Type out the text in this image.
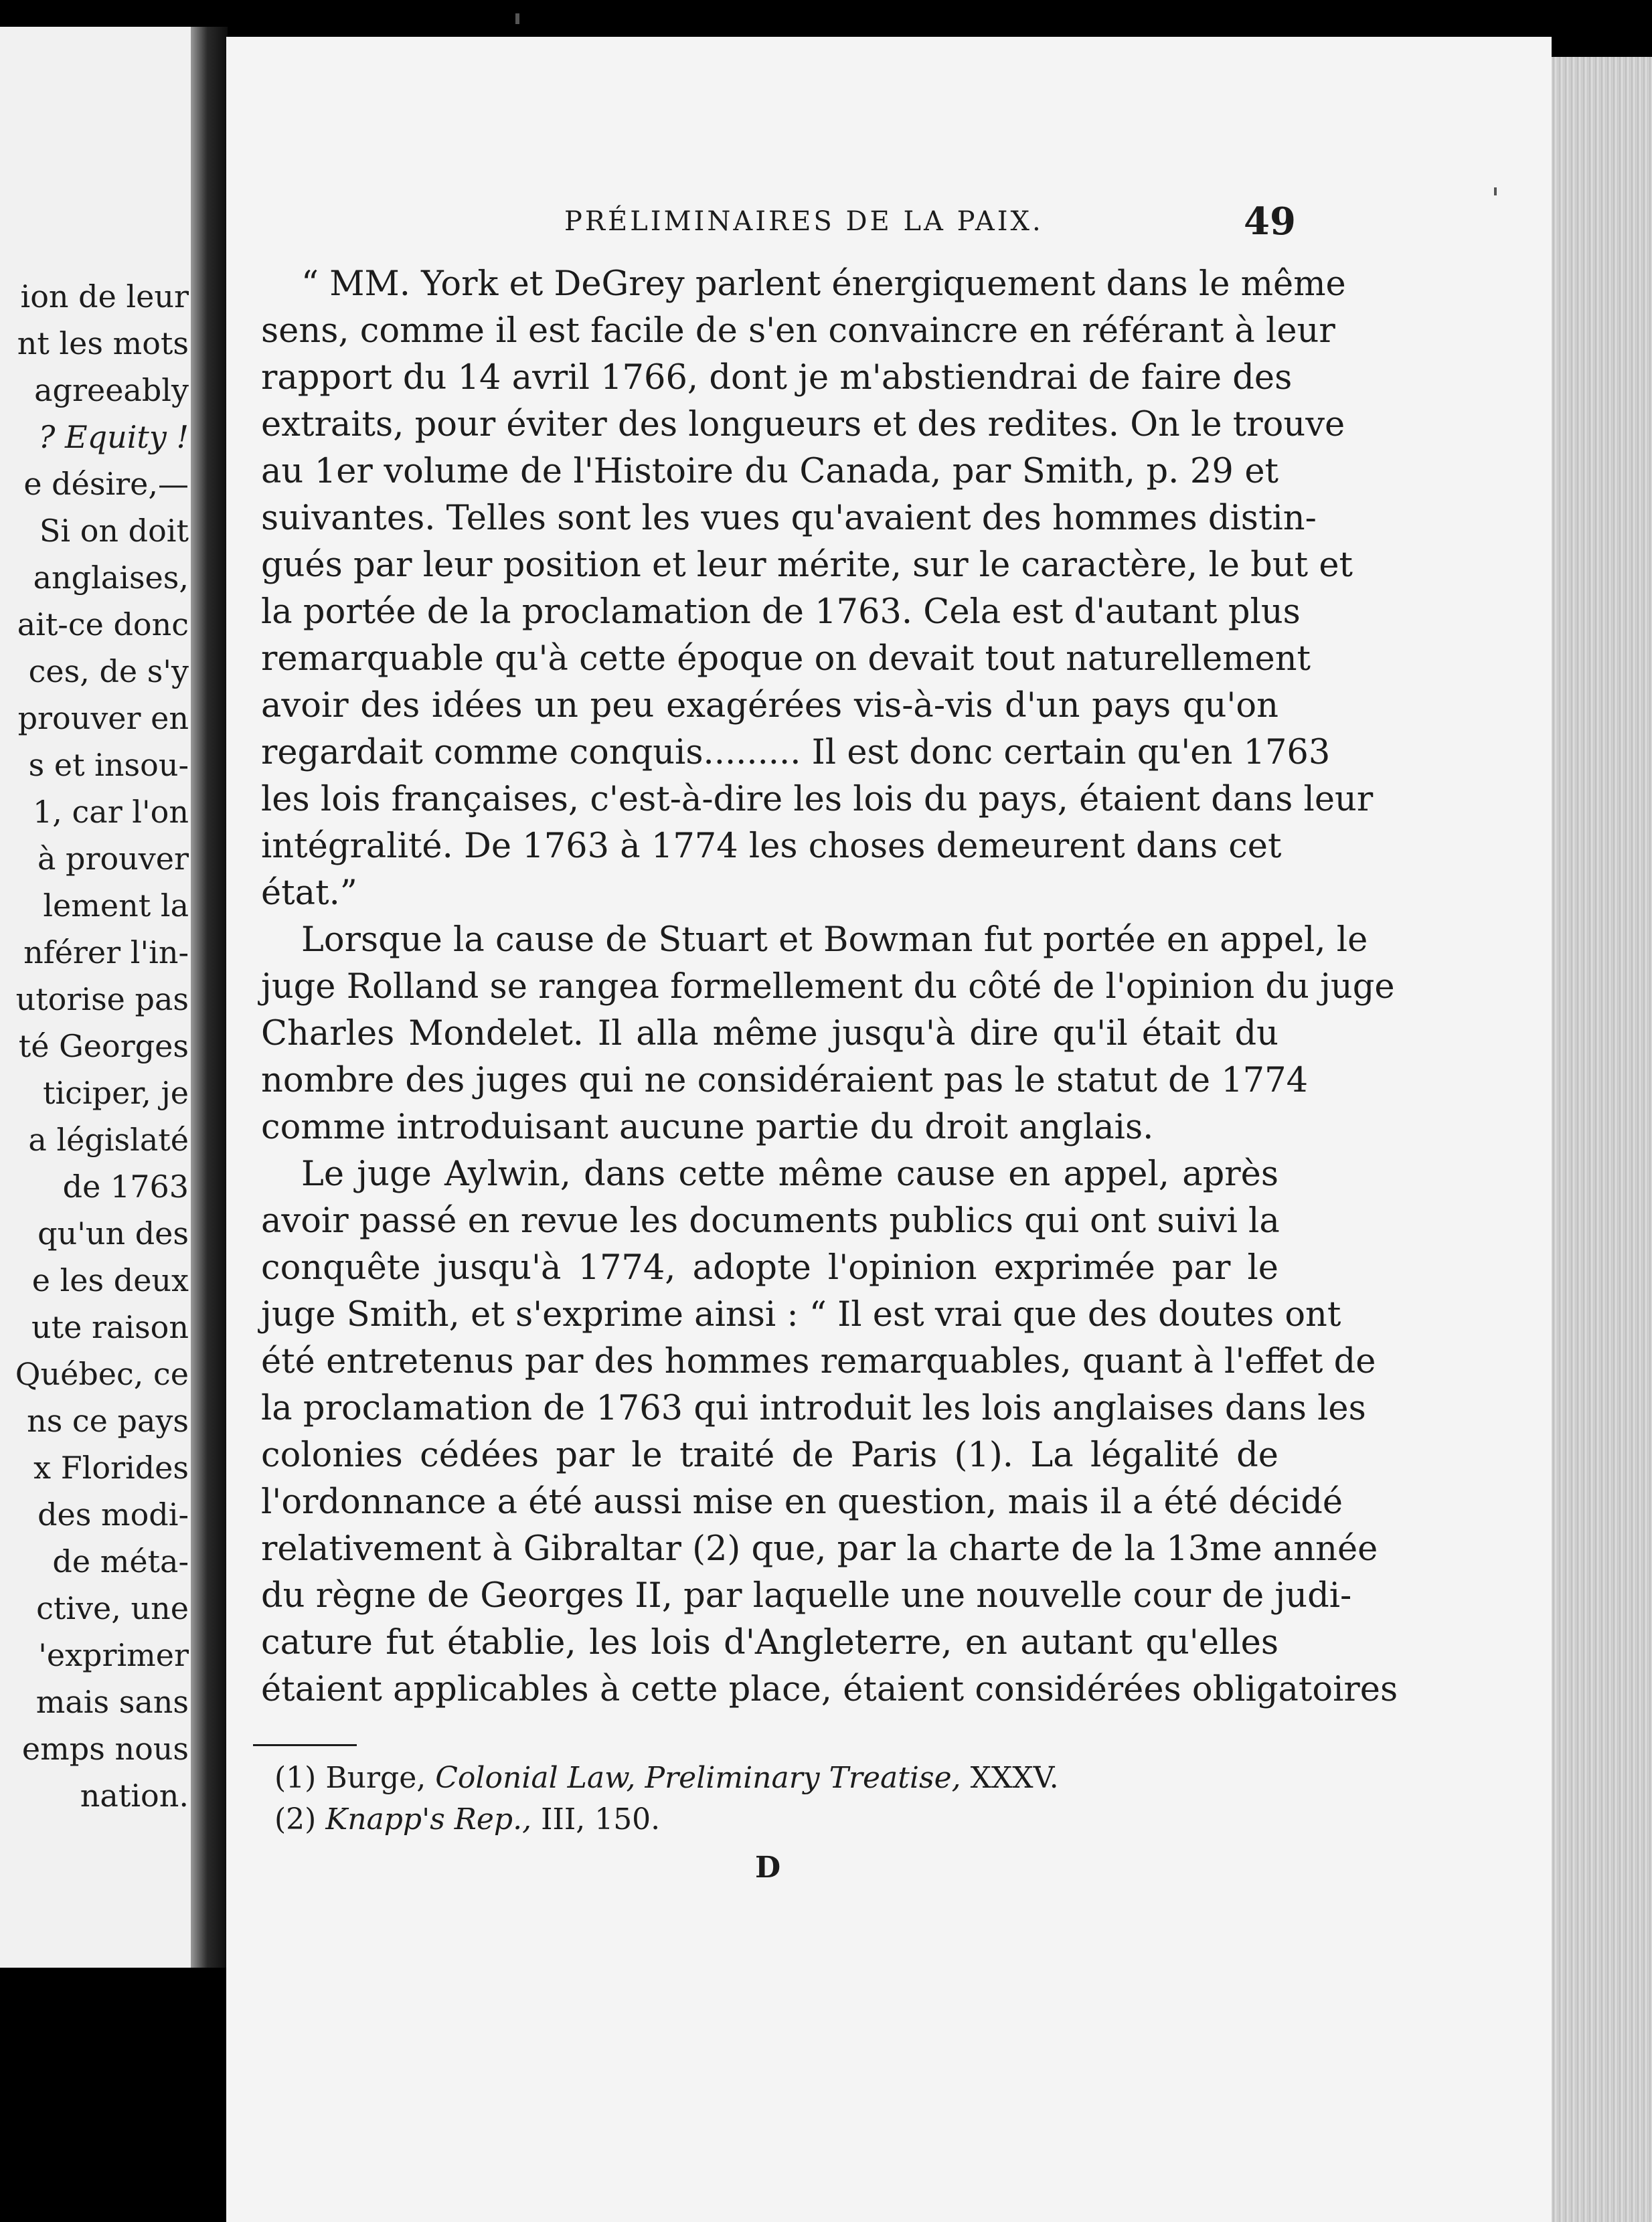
ion de leur
nt les mots
agreeably
? Equity !
e désire,—
Si on doit
anglaises,
ait-ce donc
ces, de s'y
prouver en
s et insou-
1, car l'on
à prouver
lement la
nférer l'in-
utorise pas
té Georges
ticiper, je
a législaté
de 1763
qu'un des
e les deux
ute raison
Québec, ce
ns ce pays
x Florides
des modi-
de méta-
ctive, une
'exprimer
mais sans
emps nous
nation.
PRÉLIMINAIRES DE LA PAIX.	49
“ MM. York et DeGrey parlent énergiquement dans le même
sens, comme il est facile de s'en convaincre en référant à leur
rapport du 14 avril 1766, dont je m'abstiendrai de faire des
extraits, pour éviter des longueurs et des redites. On le trouve
au 1er volume de l'Histoire du Canada, par Smith, p. 29 et
suivantes. Telles sont les vues qu'avaient des hommes distin-
gués par leur position et leur mérite, sur le caractère, le but et
la portée de la proclamation de 1763. Cela est d'autant plus
remarquable qu'à cette époque on devait tout naturellement
avoir des idées un peu exagérées vis-à-vis d'un pays qu'on
regardait comme conquis......... Il est donc certain qu'en 1763
les lois françaises, c'est-à-dire les lois du pays, étaient dans leur
intégralité. De 1763 à 1774 les choses demeurent dans cet
état.”
Lorsque la cause de Stuart et Bowman fut portée en appel, le
juge Rolland se rangea formellement du côté de l'opinion du juge
Charles Mondelet. Il alla même jusqu'à dire qu'il était du
nombre des juges qui ne considéraient pas le statut de 1774
comme introduisant aucune partie du droit anglais.
Le juge Aylwin, dans cette même cause en appel, après
avoir passé en revue les documents publics qui ont suivi la
conquête jusqu'à 1774, adopte l'opinion exprimée par le
juge Smith, et s'exprime ainsi : “ Il est vrai que des doutes ont
été entretenus par des hommes remarquables, quant à l'effet de
la proclamation de 1763 qui introduit les lois anglaises dans les
colonies cédées par le traité de Paris (1). La légalité de
l'ordonnance a été aussi mise en question, mais il a été décidé
relativement à Gibraltar (2) que, par la charte de la 13me année
du règne de Georges II, par laquelle une nouvelle cour de judi-
cature fut établie, les lois d'Angleterre, en autant qu'elles
étaient applicables à cette place, étaient considérées obligatoires
(1) Burge, Colonial Law, Preliminary Treatise, XXXV.
(2) Knapp's Rep., III, 150.
D
